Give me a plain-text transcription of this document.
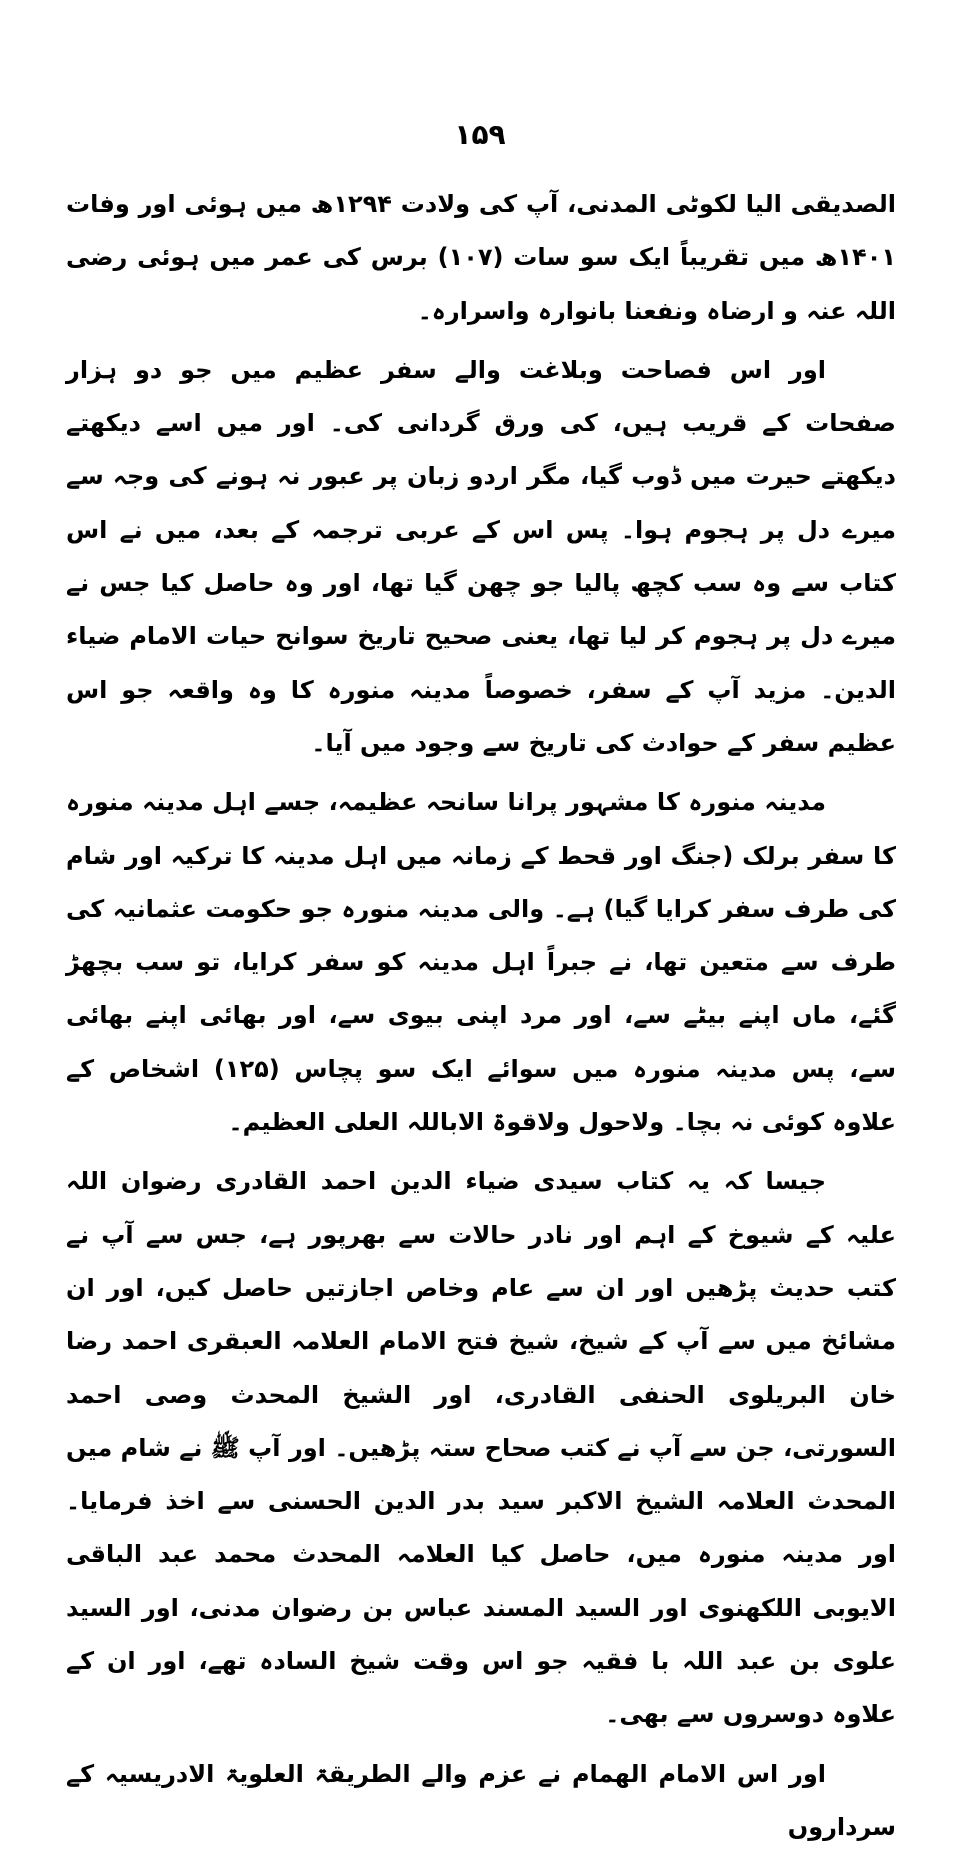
۱۵۹

الصدیقی الیا لکوٹی المدنی، آپ کی ولادت ۱۲۹۴ھ میں ہوئی اور وفات ۱۴۰۱ھ میں تقریباً ایک سو سات (۱۰۷) برس کی عمر میں ہوئی رضی اللہ عنہ و ارضاہ ونفعنا بانوارہ واسرارہ۔

اور اس فصاحت وبلاغت والے سفر عظیم میں جو دو ہزار صفحات کے قریب ہیں، کی ورق گردانی کی۔ اور میں اسے دیکھتے دیکھتے حیرت میں ڈوب گیا، مگر اردو زبان پر عبور نہ ہونے کی وجہ سے میرے دل پر ہجوم ہوا۔ پس اس کے عربی ترجمہ کے بعد، میں نے اس کتاب سے وہ سب کچھ پالیا جو چھن گیا تھا، اور وہ حاصل کیا جس نے میرے دل پر ہجوم کر لیا تھا، یعنی صحیح تاریخ سوانح حیات الامام ضیاء الدین۔ مزید آپ کے سفر، خصوصاً مدینہ منورہ کا وہ واقعہ جو اس عظیم سفر کے حوادث کی تاریخ سے وجود میں آیا۔

مدینہ منورہ کا مشہور پرانا سانحہ عظیمہ، جسے اہل مدینہ منورہ کا سفر برلک (جنگ اور قحط کے زمانہ میں اہل مدینہ کا ترکیہ اور شام کی طرف سفر کرایا گیا) ہے۔ والی مدینہ منورہ جو حکومت عثمانیہ کی طرف سے متعین تھا، نے جبراً اہل مدینہ کو سفر کرایا، تو سب بچھڑ گئے، ماں اپنے بیٹے سے، اور مرد اپنی بیوی سے، اور بھائی اپنے بھائی سے، پس مدینہ منورہ میں سوائے ایک سو پچاس (۱۲۵) اشخاص کے علاوہ کوئی نہ بچا۔ ولاحول ولاقوۃ الاباللہ العلی العظیم۔

جیسا کہ یہ کتاب سیدی ضیاء الدین احمد القادری رضوان اللہ علیہ کے شیوخ کے اہم اور نادر حالات سے بھرپور ہے، جس سے آپ نے کتب حدیث پڑھیں اور ان سے عام وخاص اجازتیں حاصل کیں، اور ان مشائخ میں سے آپ کے شیخ، شیخ فتح الامام العلامہ العبقری احمد رضا خان البریلوی الحنفی القادری، اور الشیخ المحدث وصی احمد السورتی، جن سے آپ نے کتب صحاح ستہ پڑھیں۔ اور آپ ﷺ نے شام میں المحدث العلامہ الشیخ الاکبر سید بدر الدین الحسنی سے اخذ فرمایا۔ اور مدینہ منورہ میں، حاصل کیا العلامہ المحدث محمد عبد الباقی الایوبی اللکھنوی اور السید المسند عباس بن رضوان مدنی، اور السید علوی بن عبد اللہ با فقیہ جو اس وقت شیخ السادہ تھے، اور ان کے علاوہ دوسروں سے بھی۔

اور اس الامام الھمام نے عزم والے الطریقۃ العلویۃ الادریسیہ کے سرداروں
